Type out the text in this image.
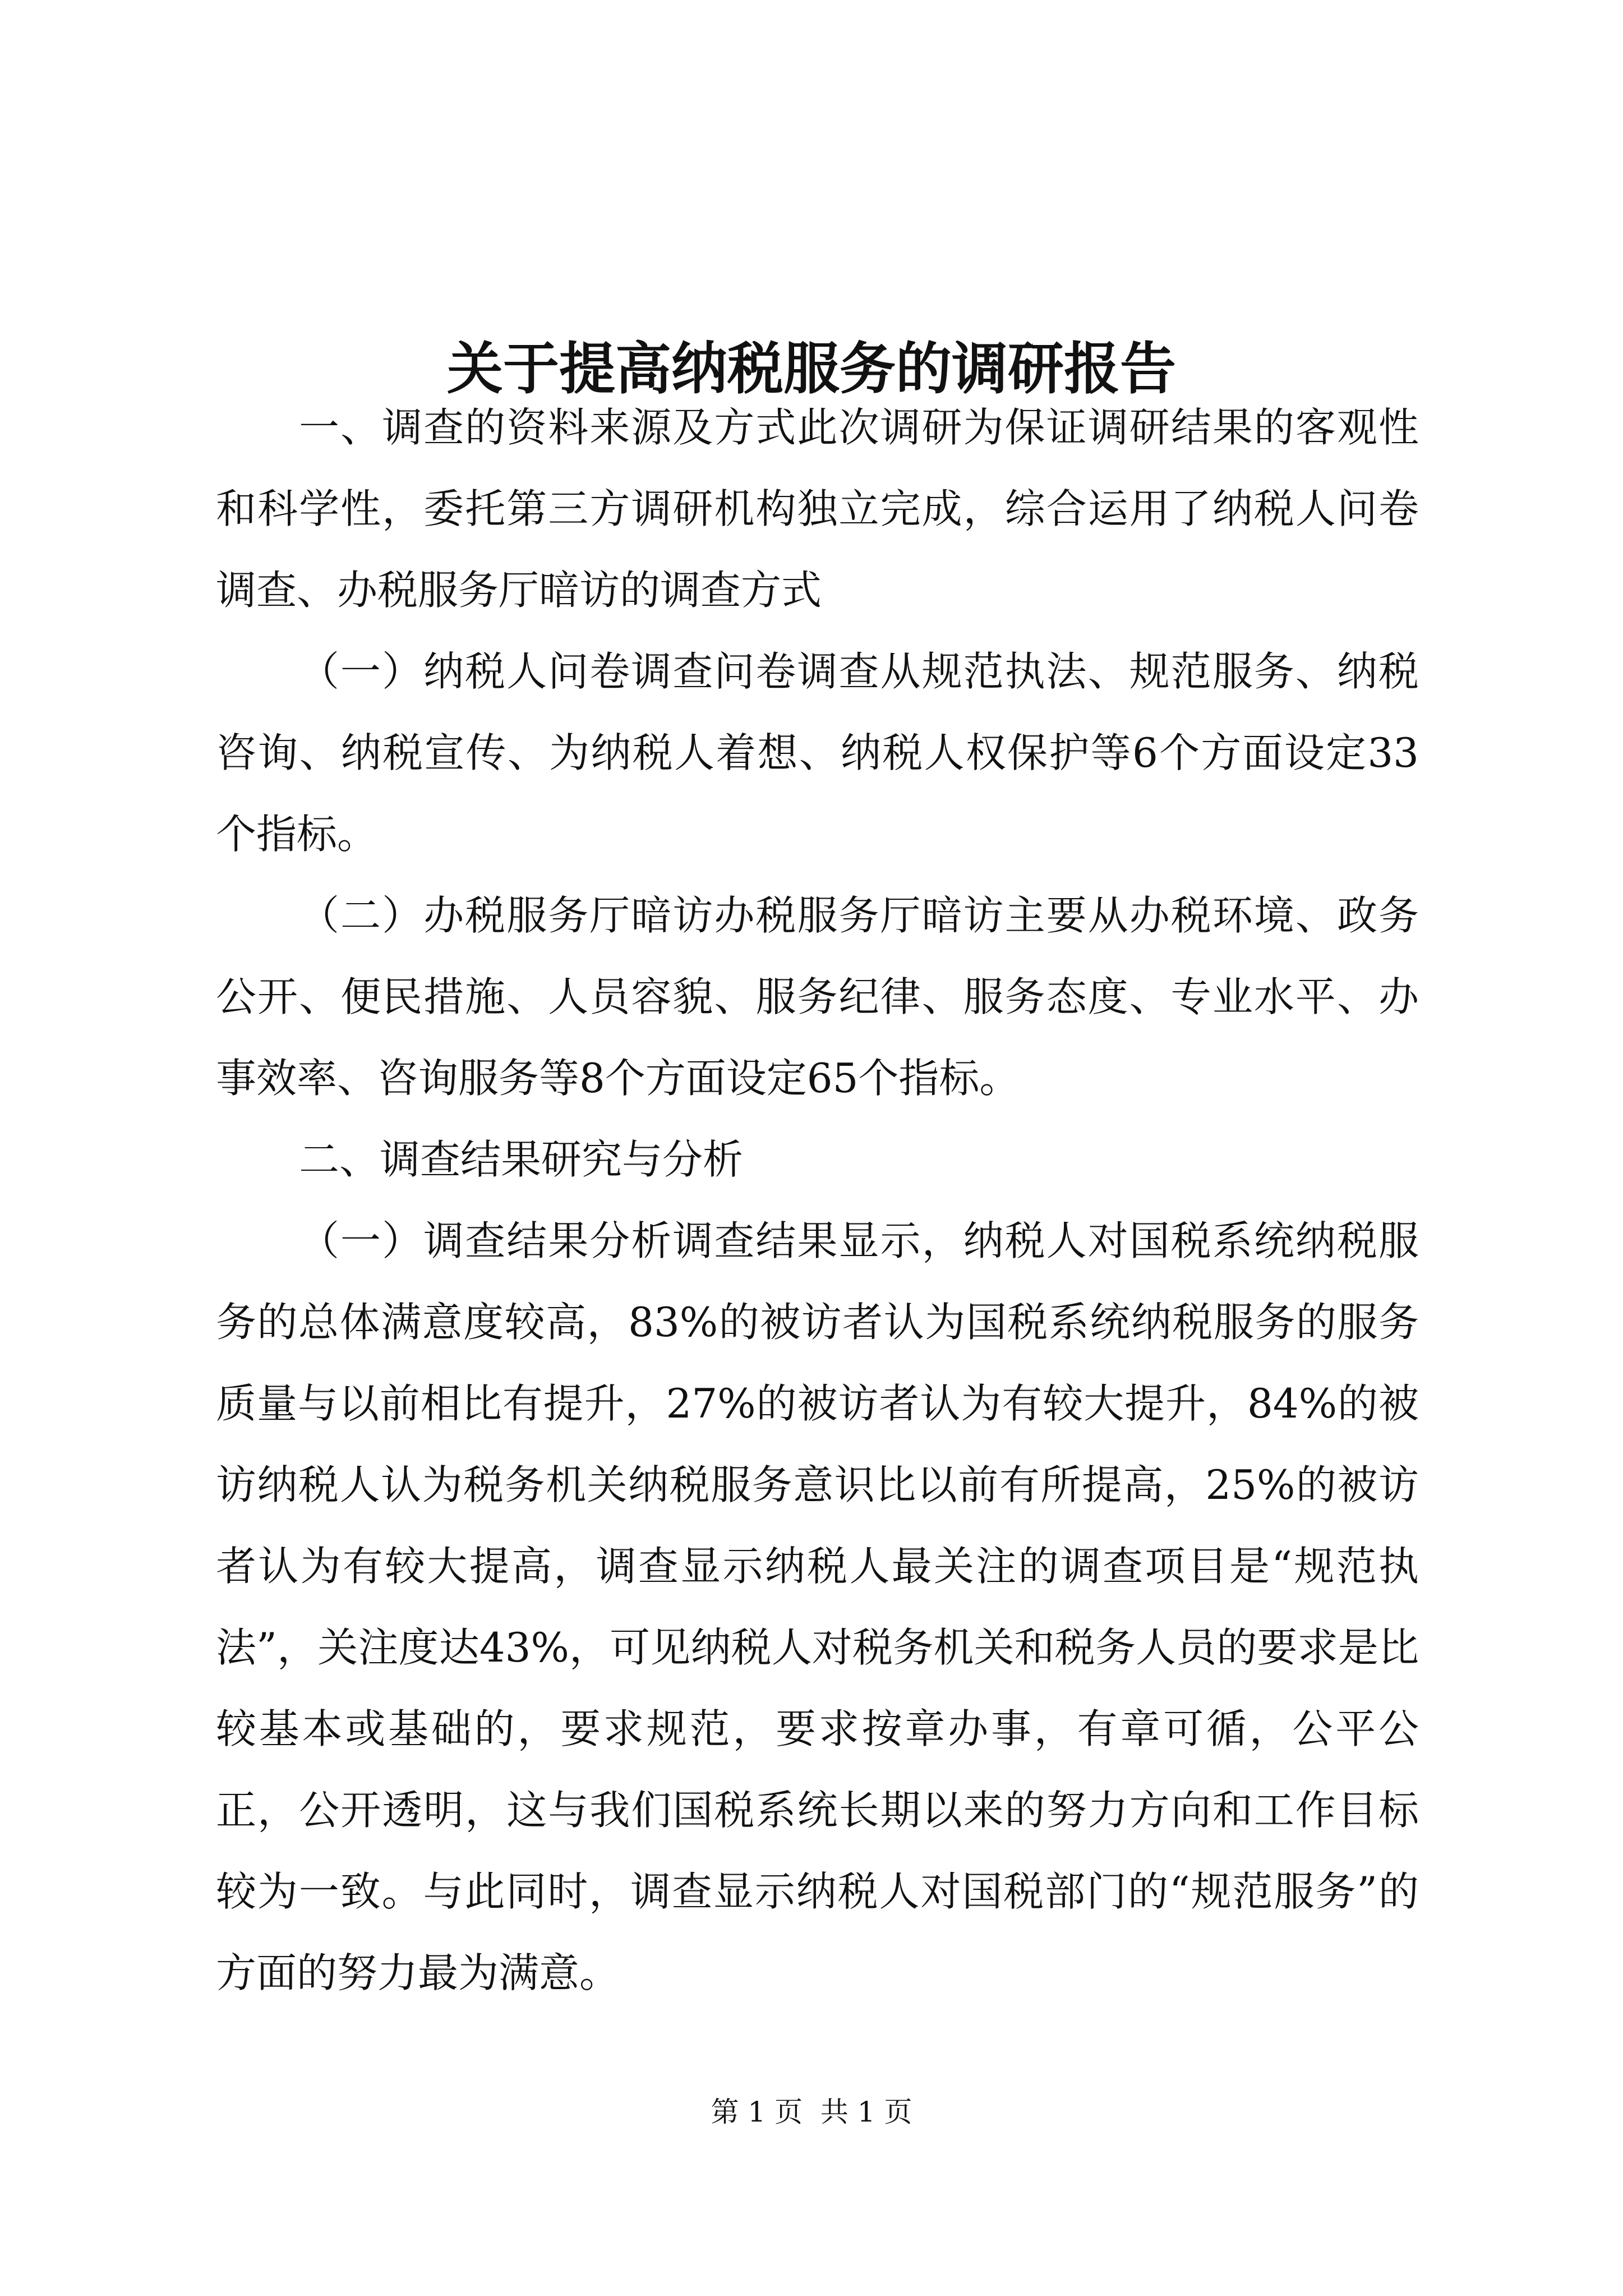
关于提高纳税服务的调研报告

一、调查的资料来源及方式此次调研为保证调研结果的客观性和科学性，委托第三方调研机构独立完成，综合运用了纳税人问卷调查、办税服务厅暗访的调查方式

（一）纳税人问卷调查问卷调查从规范执法、规范服务、纳税咨询、纳税宣传、为纳税人着想、纳税人权保护等6个方面设定33个指标。

（二）办税服务厅暗访办税服务厅暗访主要从办税环境、政务公开、便民措施、人员容貌、服务纪律、服务态度、专业水平、办事效率、咨询服务等8个方面设定65个指标。

二、调查结果研究与分析

（一）调查结果分析调查结果显示，纳税人对国税系统纳税服务的总体满意度较高，83%的被访者认为国税系统纳税服务的服务质量与以前相比有提升，27%的被访者认为有较大提升，84%的被访纳税人认为税务机关纳税服务意识比以前有所提高，25%的被访者认为有较大提高，调查显示纳税人最关注的调查项目是“规范执法”，关注度达43%，可见纳税人对税务机关和税务人员的要求是比较基本或基础的，要求规范，要求按章办事，有章可循，公平公正，公开透明，这与我们国税系统长期以来的努力方向和工作目标较为一致。与此同时，调查显示纳税人对国税部门的“规范服务”的方面的努力最为满意。

第 1 页  共 1 页
